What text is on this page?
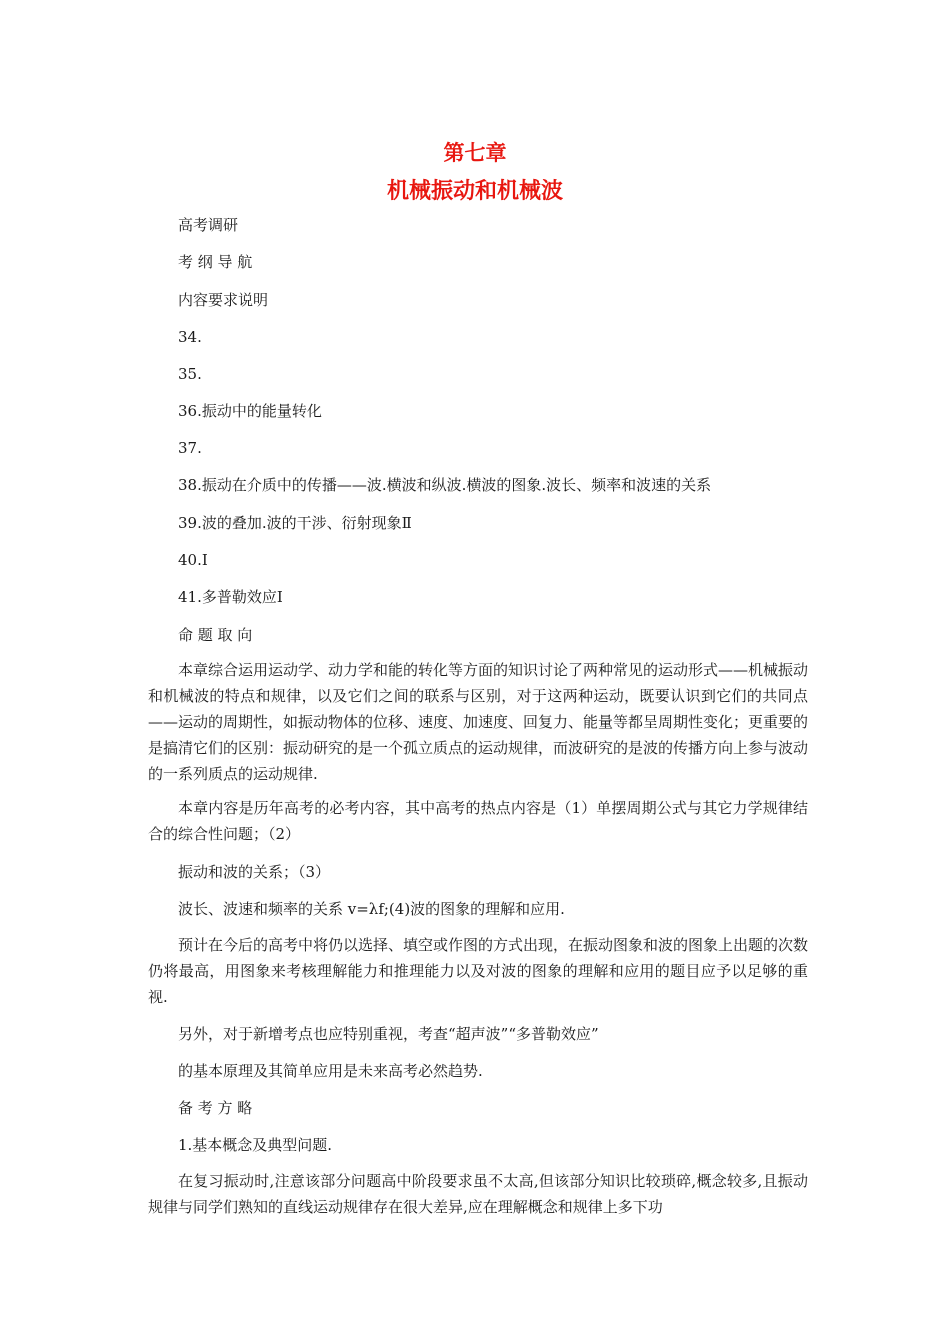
第七章
机械振动和机械波
高考调研
考 纲 导 航
内容要求说明
34.
35.
36.振动中的能量转化
37.
38.振动在介质中的传播——波.横波和纵波.横波的图象.波长、频率和波速的关系
39.波的叠加.波的干涉、衍射现象Ⅱ
40.Ⅰ
41.多普勒效应Ⅰ
命 题 取 向
本章综合运用运动学、动力学和能的转化等方面的知识讨论了两种常见的运动形式——机械振动和机械波的特点和规律，以及它们之间的联系与区别，对于这两种运动，既要认识到它们的共同点——运动的周期性，如振动物体的位移、速度、加速度、回复力、能量等都呈周期性变化；更重要的是搞清它们的区别：振动研究的是一个孤立质点的运动规律，而波研究的是波的传播方向上参与波动的一系列质点的运动规律.
本章内容是历年高考的必考内容，其中高考的热点内容是（1）单摆周期公式与其它力学规律结合的综合性问题；（2）
振动和波的关系；（3）
波长、波速和频率的关系 v=λf;(4)波的图象的理解和应用.
预计在今后的高考中将仍以选择、填空或作图的方式出现，在振动图象和波的图象上出题的次数仍将最高，用图象来考核理解能力和推理能力以及对波的图象的理解和应用的题目应予以足够的重视.
另外，对于新增考点也应特别重视，考查“超声波”“多普勒效应”
的基本原理及其简单应用是未来高考必然趋势.
备 考 方 略
1.基本概念及典型问题.
在复习振动时,注意该部分问题高中阶段要求虽不太高,但该部分知识比较琐碎,概念较多,且振动规律与同学们熟知的直线运动规律存在很大差异,应在理解概念和规律上多下功
